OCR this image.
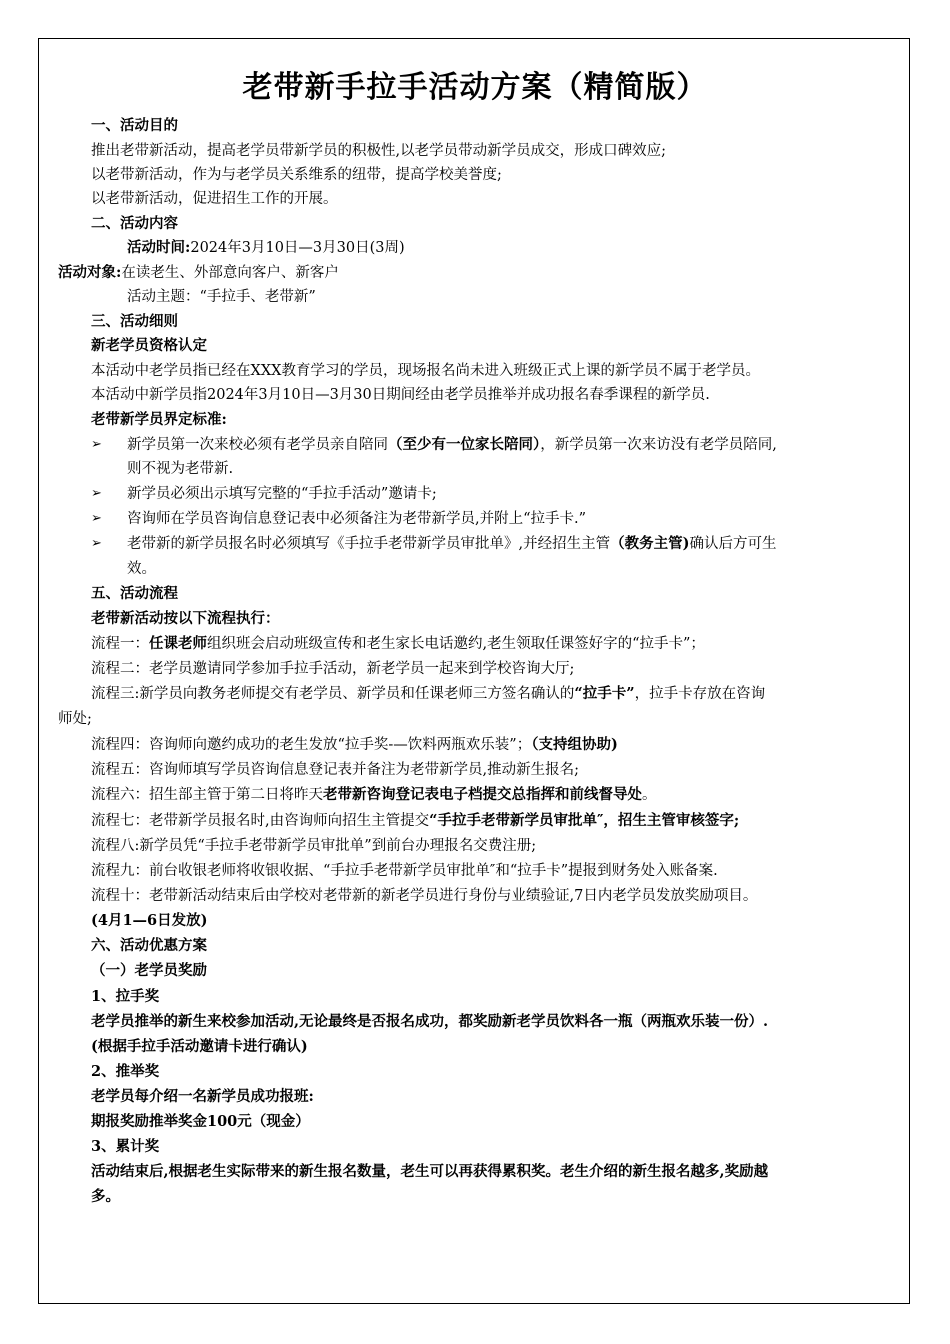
老带新手拉手活动方案（精简版）
一、活动目的
推出老带新活动，提高老学员带新学员的积极性,以老学员带动新学员成交，形成口碑效应;
以老带新活动，作为与老学员关系维系的纽带，提高学校美誉度;
以老带新活动，促进招生工作的开展。
二、活动内容
活动时间:2024年3月10日—3月30日(3周)
活动对象:在读老生、外部意向客户、新客户
活动主题：“手拉手、老带新”
三、活动细则
新老学员资格认定
本活动中老学员指已经在XXX教育学习的学员，现场报名尚未进入班级正式上课的新学员不属于老学员。
本活动中新学员指2024年3月10日—3月30日期间经由老学员推举并成功报名春季课程的新学员.
老带新学员界定标准:
➢ 新学员第一次来校必须有老学员亲自陪同（至少有一位家长陪同），新学员第一次来访没有老学员陪同,
则不视为老带新.
➢ 新学员必须出示填写完整的“手拉手活动”邀请卡;
➢ 咨询师在学员咨询信息登记表中必须备注为老带新学员,并附上“拉手卡.”
➢ 老带新的新学员报名时必须填写《手拉手老带新学员审批单》,并经招生主管（教务主管)确认后方可生
效。
五、活动流程
老带新活动按以下流程执行：
流程一：任课老师组织班会启动班级宣传和老生家长电话邀约,老生领取任课签好字的“拉手卡”；
流程二：老学员邀请同学参加手拉手活动，新老学员一起来到学校咨询大厅;
流程三:新学员向教务老师提交有老学员、新学员和任课老师三方签名确认的“拉手卡”，拉手卡存放在咨询
师处;
流程四：咨询师向邀约成功的老生发放“拉手奖-—饮料两瓶欢乐装”；（支持组协助)
流程五：咨询师填写学员咨询信息登记表并备注为老带新学员,推动新生报名;
流程六：招生部主管于第二日将昨天老带新咨询登记表电子档提交总指挥和前线督导处。
流程七：老带新学员报名时,由咨询师向招生主管提交“手拉手老带新学员审批单″，招生主管审核签字;
流程八:新学员凭“手拉手老带新学员审批单”到前台办理报名交费注册;
流程九：前台收银老师将收银收据、“手拉手老带新学员审批单″和“拉手卡”提报到财务处入账备案.
流程十：老带新活动结束后由学校对老带新的新老学员进行身份与业绩验证,7日内老学员发放奖励项目。
(4月1—6日发放)
六、活动优惠方案
（一）老学员奖励
1、拉手奖
老学员推举的新生来校参加活动,无论最终是否报名成功，都奖励新老学员饮料各一瓶（两瓶欢乐装一份）.
(根据手拉手活动邀请卡进行确认)
2、推举奖
老学员每介绍一名新学员成功报班:
期报奖励推举奖金100元（现金）
3、累计奖
活动结束后,根据老生实际带来的新生报名数量，老生可以再获得累积奖。老生介绍的新生报名越多,奖励越
多。
